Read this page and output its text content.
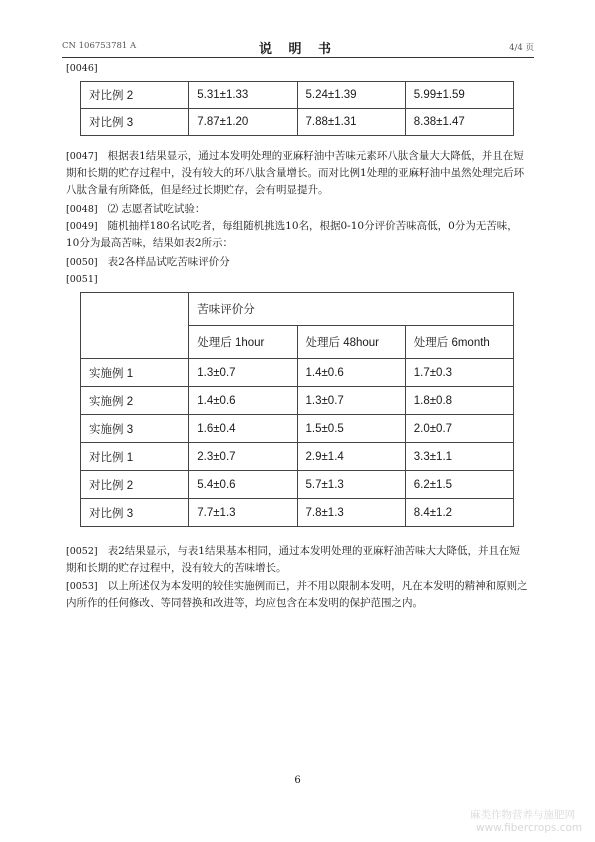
CN 106753781 A	说 明 书	4/4 页
[0046]
对比例 2	5.31±1.33	5.24±1.39	5.99±1.59
对比例 3	7.87±1.20	7.88±1.31	8.38±1.47
[0047] 根据表1结果显示，通过本发明处理的亚麻籽油中苦味元素环八肽含量大大降低，并且在短期和长期的贮存过程中，没有较大的环八肽含量增长。而对比例1处理的亚麻籽油中虽然处理完后环八肽含量有所降低，但是经过长期贮存，会有明显提升。
[0048] ⑵ 志愿者试吃试验：
[0049] 随机抽样180名试吃者，每组随机挑选10名，根据0-10分评价苦味高低，0分为无苦味，10分为最高苦味，结果如表2所示：
[0050] 表2各样品试吃苦味评价分
[0051]
	苦味评价分		
	处理后 1hour	处理后 48hour	处理后 6month
实施例 1	1.3±0.7	1.4±0.6	1.7±0.3
实施例 2	1.4±0.6	1.3±0.7	1.8±0.8
实施例 3	1.6±0.4	1.5±0.5	2.0±0.7
对比例 1	2.3±0.7	2.9±1.4	3.3±1.1
对比例 2	5.4±0.6	5.7±1.3	6.2±1.5
对比例 3	7.7±1.3	7.8±1.3	8.4±1.2
[0052] 表2结果显示，与表1结果基本相同，通过本发明处理的亚麻籽油苦味大大降低，并且在短期和长期的贮存过程中，没有较大的苦味增长。
[0053] 以上所述仅为本发明的较佳实施例而已，并不用以限制本发明，凡在本发明的精神和原则之内所作的任何修改、等同替换和改进等，均应包含在本发明的保护范围之内。
6
麻类作物营养与施肥网
www.fibercrops.com
